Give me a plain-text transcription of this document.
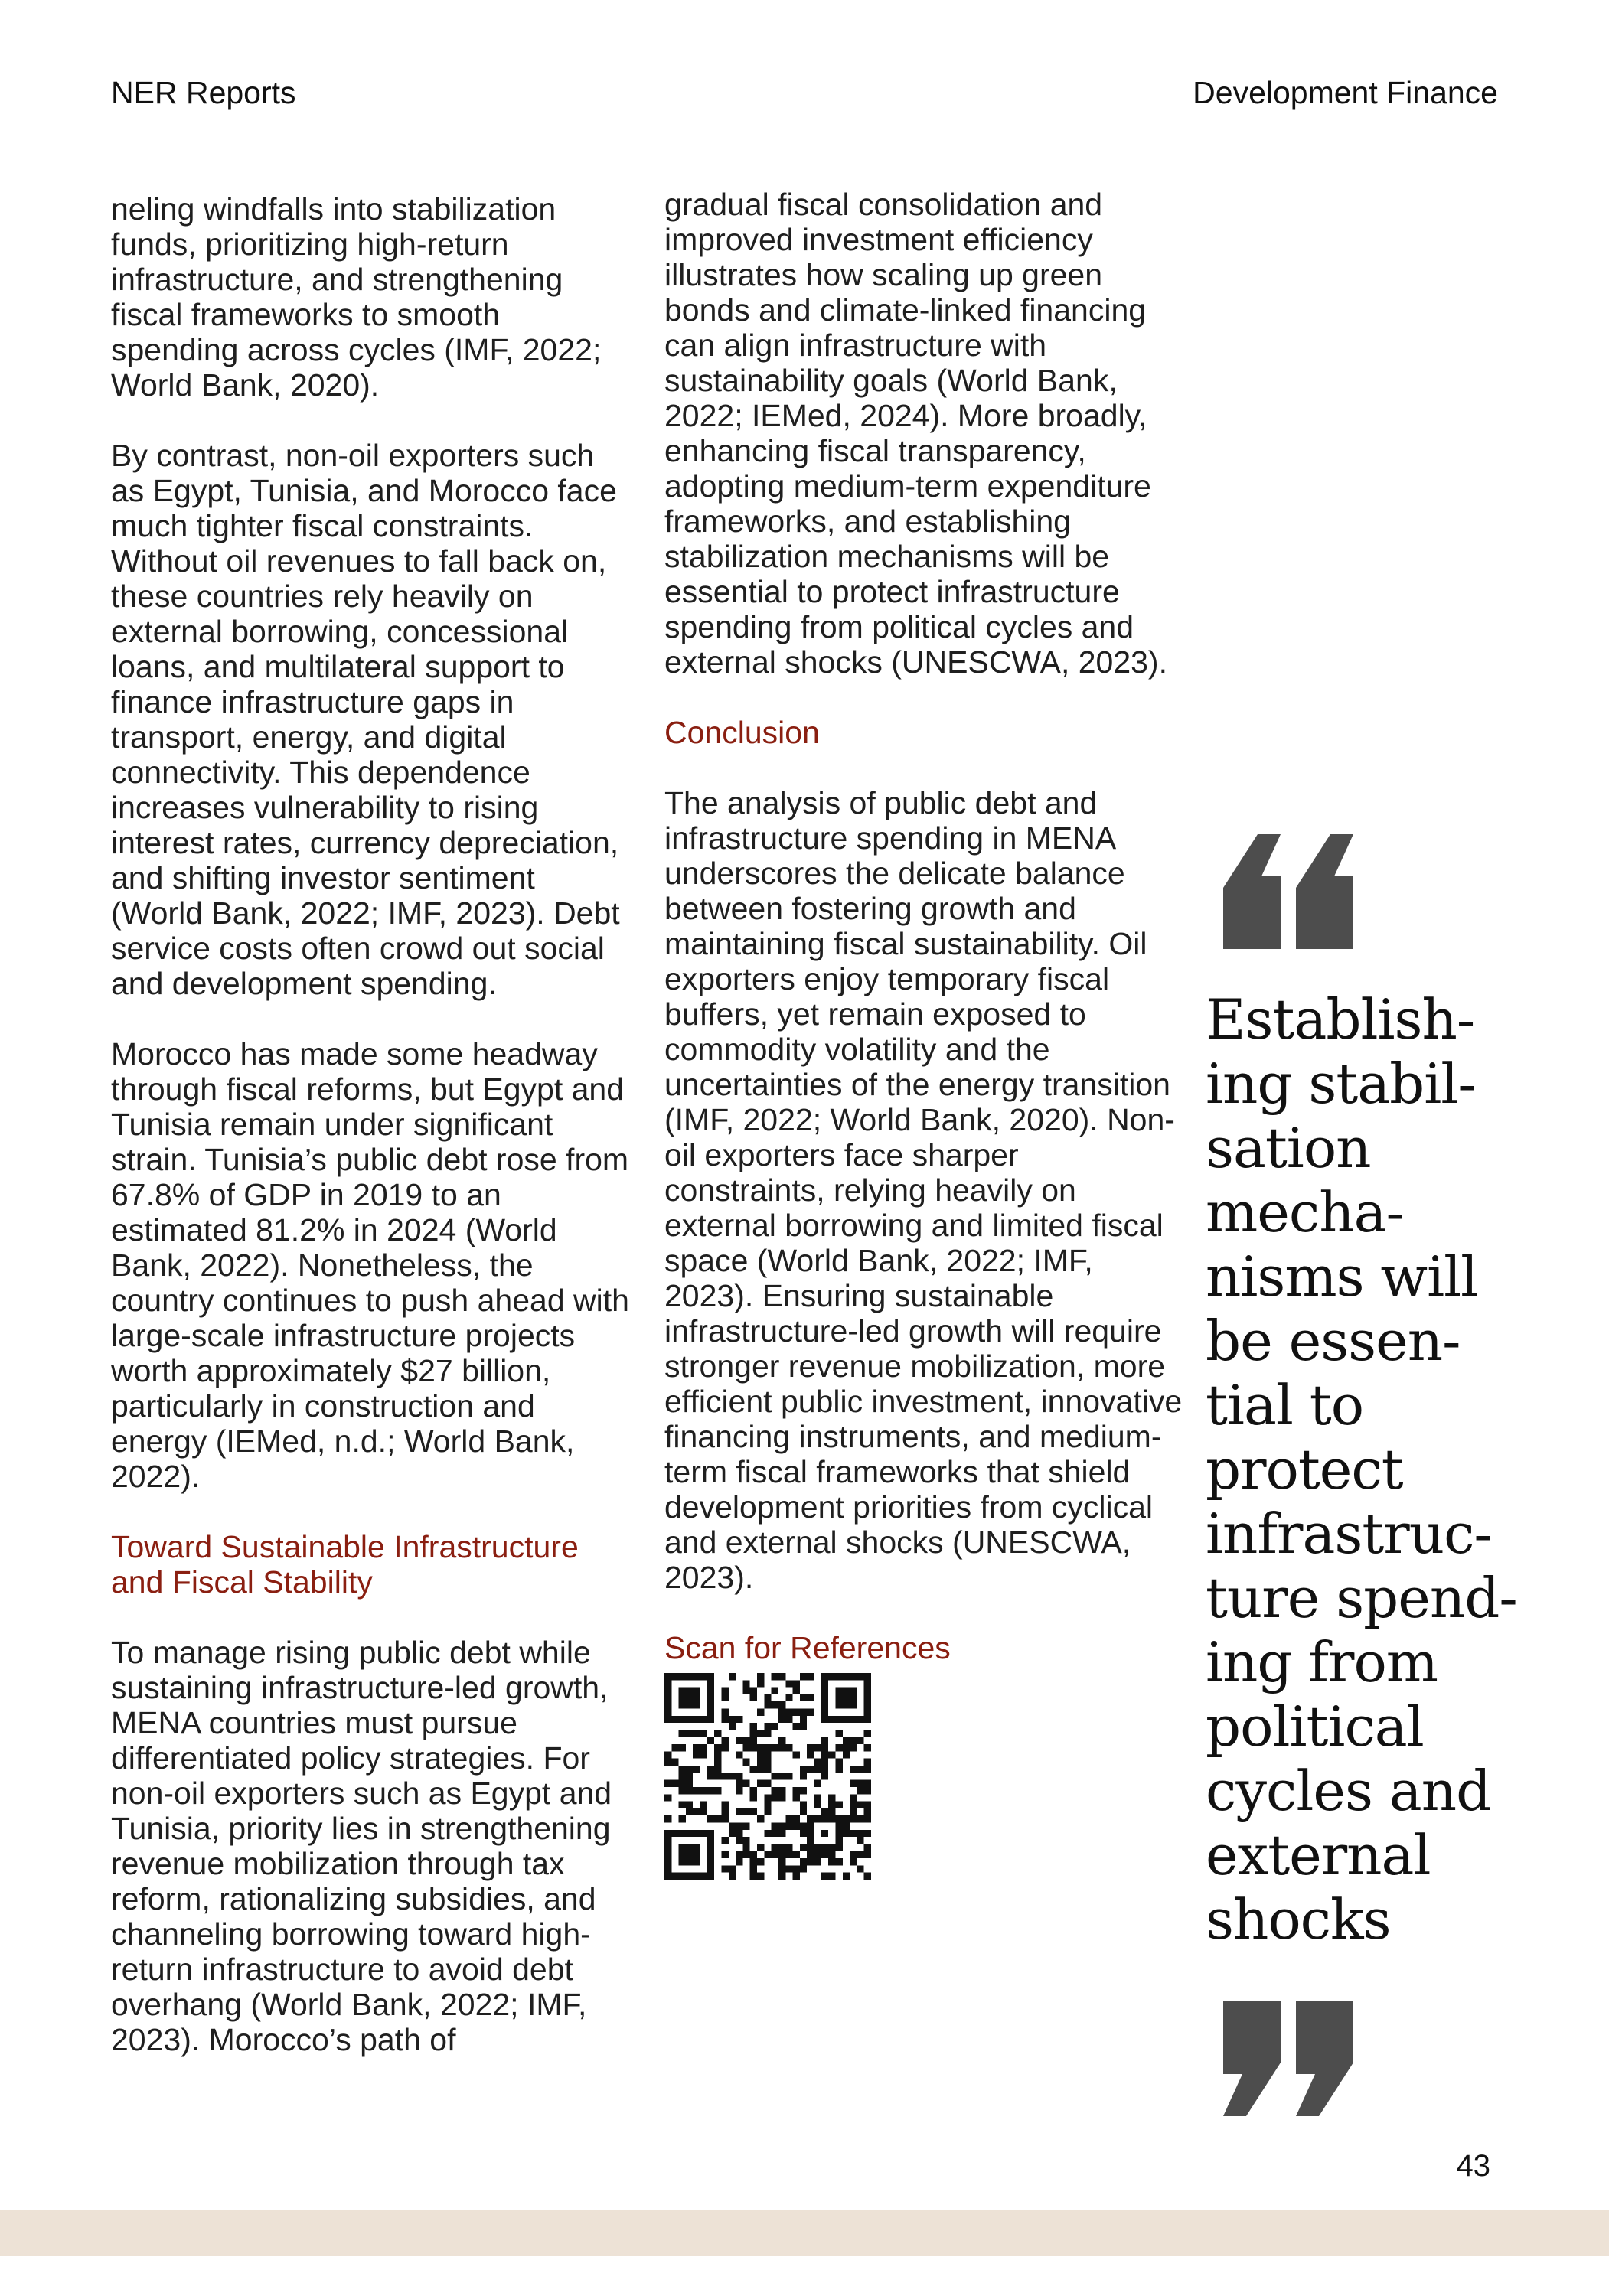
NER Reports	Development Finance

neling windfalls into stabilization funds, prioritizing high-return infrastructure, and strengthening fiscal frameworks to smooth spending across cycles (IMF, 2022; World Bank, 2020).

By contrast, non-oil exporters such as Egypt, Tunisia, and Morocco face much tighter fiscal constraints. Without oil revenues to fall back on, these countries rely heavily on external borrowing, concessional loans, and multilateral support to finance infrastructure gaps in transport, energy, and digital connectivity. This dependence increases vulnerability to rising interest rates, currency depreciation, and shifting investor sentiment (World Bank, 2022; IMF, 2023). Debt service costs often crowd out social and development spending.

Morocco has made some headway through fiscal reforms, but Egypt and Tunisia remain under significant strain. Tunisia’s public debt rose from 67.8% of GDP in 2019 to an estimated 81.2% in 2024 (World Bank, 2022). Nonetheless, the country continues to push ahead with large-scale infrastructure projects worth approximately $27 billion, particularly in construction and energy (IEMed, n.d.; World Bank, 2022).

Toward Sustainable Infrastructure and Fiscal Stability

To manage rising public debt while sustaining infrastructure-led growth, MENA countries must pursue differentiated policy strategies. For non-oil exporters such as Egypt and Tunisia, priority lies in strengthening revenue mobilization through tax reform, rationalizing subsidies, and channeling borrowing toward high-return infrastructure to avoid debt overhang (World Bank, 2022; IMF, 2023). Morocco’s path of

gradual fiscal consolidation and improved investment efficiency illustrates how scaling up green bonds and climate-linked financing can align infrastructure with sustainability goals (World Bank, 2022; IEMed, 2024). More broadly, enhancing fiscal transparency, adopting medium-term expenditure frameworks, and establishing stabilization mechanisms will be essential to protect infrastructure spending from political cycles and external shocks (UNESCWA, 2023).

Conclusion

The analysis of public debt and infrastructure spending in MENA underscores the delicate balance between fostering growth and maintaining fiscal sustainability. Oil exporters enjoy temporary fiscal buffers, yet remain exposed to commodity volatility and the uncertainties of the energy transition (IMF, 2022; World Bank, 2020). Non-oil exporters face sharper constraints, relying heavily on external borrowing and limited fiscal space (World Bank, 2022; IMF, 2023). Ensuring sustainable infrastructure-led growth will require stronger revenue mobilization, more efficient public investment, innovative financing instruments, and medium-term fiscal frameworks that shield development priorities from cyclical and external shocks (UNESCWA, 2023).

Scan for References
Establish-
ing stabil-
sation
mecha-
nisms will
be essen-
tial to
protect
infrastruc-
ture spend-
ing from
political
cycles and
external
shocks
43
